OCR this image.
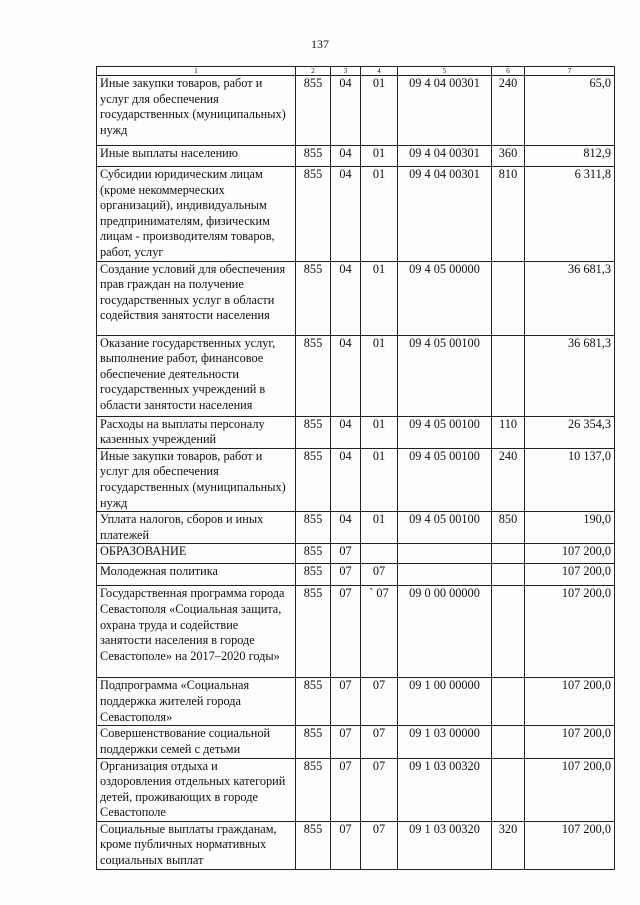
137
1	2	3	4	5	6	7
Иные закупки товаров, работ и услуг для обеспечения государственных (муниципальных) нужд	855	04	01	09 4 04 00301	240	65,0
Иные выплаты населению	855	04	01	09 4 04 00301	360	812,9
Субсидии юридическим лицам (кроме некоммерческих организаций), индивидуальным предпринимателям, физическим лицам - производителям товаров, работ, услуг	855	04	01	09 4 04 00301	810	6 311,8
Создание условий для обеспечения прав граждан на получение государственных услуг в области содействия занятости населения	855	04	01	09 4 05 00000		36 681,3
Оказание государственных услуг, выполнение работ, финансовое обеспечение деятельности государственных учреждений в области занятости населения	855	04	01	09 4 05 00100		36 681,3
Расходы на выплаты персоналу казенных учреждений	855	04	01	09 4 05 00100	110	26 354,3
Иные закупки товаров, работ и услуг для обеспечения государственных (муниципальных) нужд	855	04	01	09 4 05 00100	240	10 137,0
Уплата налогов, сборов и иных платежей	855	04	01	09 4 05 00100	850	190,0
ОБРАЗОВАНИЕ	855	07				107 200,0
Молодежная политика	855	07	07			107 200,0
Государственная программа города Севастополя «Социальная защита, охрана труда и содействие занятости населения в городе Севастополе» на 2017–2020 годы»	855	07	` 07	09 0 00 00000		107 200,0
Подпрограмма «Социальная поддержка жителей города Севастополя»	855	07	07	09 1 00 00000		107 200,0
Совершенствование социальной поддержки семей с детьми	855	07	07	09 1 03 00000		107 200,0
Организация отдыха и оздоровления отдельных категорий детей, проживающих в городе Севастополе	855	07	07	09 1 03 00320		107 200,0
Социальные выплаты гражданам, кроме публичных нормативных социальных выплат	855	07	07	09 1 03 00320	320	107 200,0
